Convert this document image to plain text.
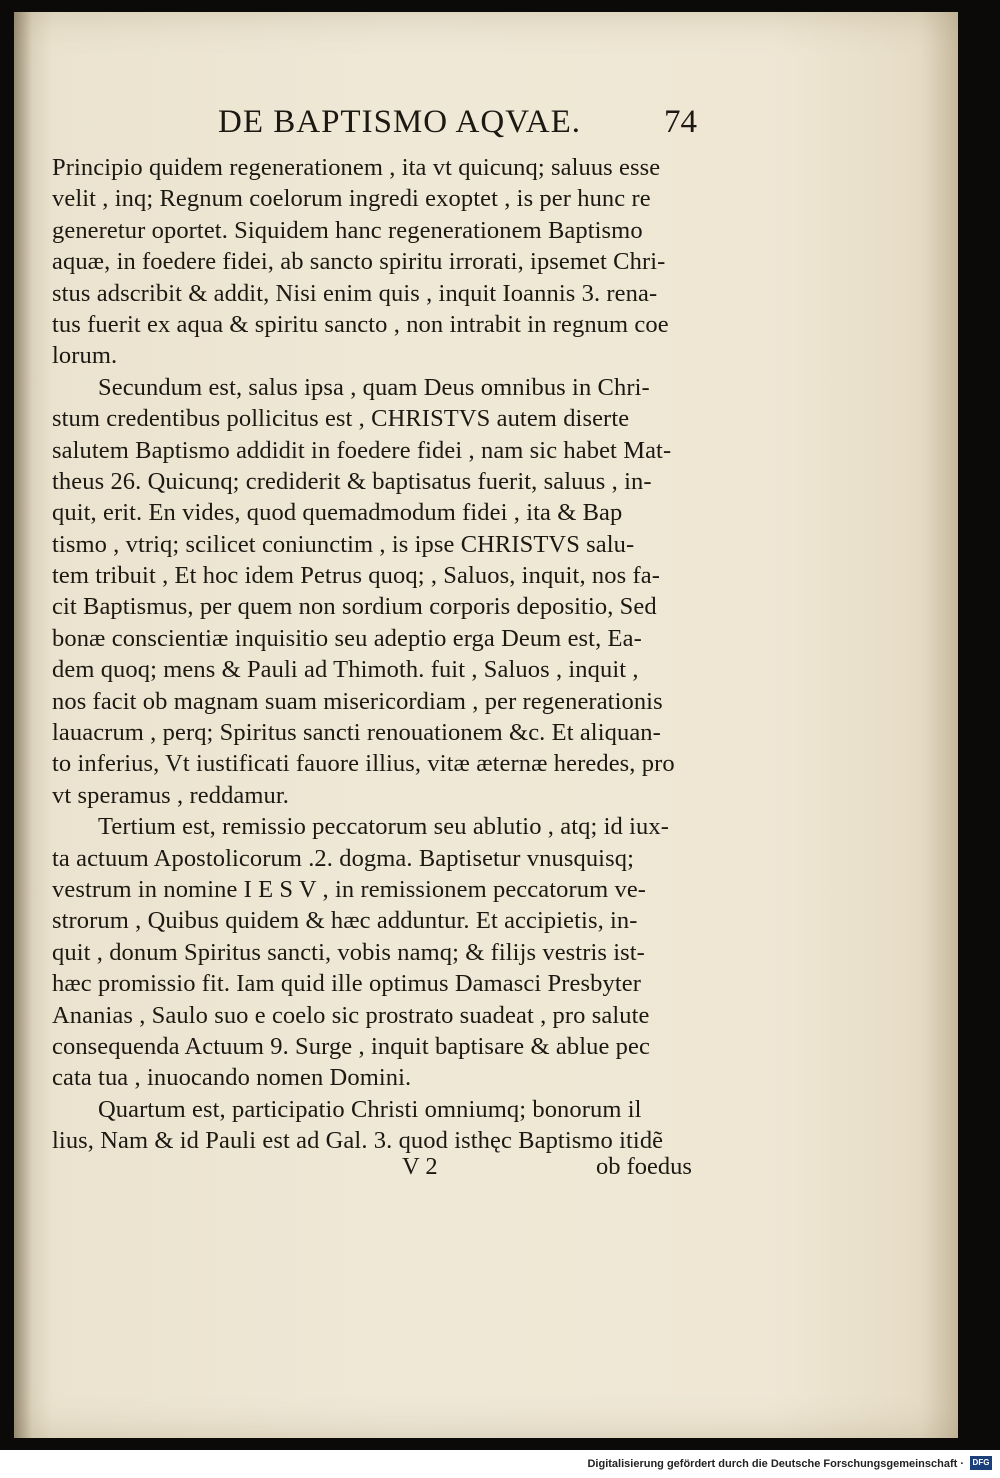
DE BAPTISMO AQVAE.	74
Principio quidem regenerationem , ita vt quicunq; saluus esse
velit , inq; Regnum coelorum ingredi exoptet , is per hunc re
generetur oportet. Siquidem hanc regenerationem Baptismo
aquæ, in foedere fidei, ab sancto spiritu irrorati, ipsemet Chri-
stus adscribit & addit, Nisi enim quis , inquit Ioannis 3. rena-
tus fuerit ex aqua & spiritu sancto , non intrabit in regnum coe
lorum.
Secundum est, salus ipsa , quam Deus omnibus in Chri-
stum credentibus pollicitus est , CHRISTVS autem diserte
salutem Baptismo addidit in foedere fidei , nam sic habet Mat-
theus 26. Quicunq; crediderit & baptisatus fuerit, saluus , in-
quit, erit. En vides, quod quemadmodum fidei , ita & Bap
tismo , vtriq; scilicet coniunctim , is ipse CHRISTVS salu-
tem tribuit , Et hoc idem Petrus quoq; , Saluos, inquit, nos fa-
cit Baptismus, per quem non sordium corporis depositio, Sed
bonæ conscientiæ inquisitio seu adeptio erga Deum est, Ea-
dem quoq; mens & Pauli ad Thimoth. fuit , Saluos , inquit ,
nos facit ob magnam suam misericordiam , per regenerationis
lauacrum , perq; Spiritus sancti renouationem &c. Et aliquan-
to inferius, Vt iustificati fauore illius, vitæ æternæ heredes, pro
vt speramus , reddamur.
Tertium est, remissio peccatorum seu ablutio , atq; id iux-
ta actuum Apostolicorum .2. dogma. Baptisetur vnusquisq;
vestrum in nomine I E S V , in remissionem peccatorum ve-
strorum , Quibus quidem & hæc adduntur. Et accipietis, in-
quit , donum Spiritus sancti, vobis namq; & filijs vestris ist-
hæc promissio fit. Iam quid ille optimus Damasci Presbyter
Ananias , Saulo suo e coelo sic prostrato suadeat , pro salute
consequenda Actuum 9. Surge , inquit baptisare & ablue pec
cata tua , inuocando nomen Domini.
Quartum est, participatio Christi omniumq; bonorum il
lius, Nam & id Pauli est ad Gal. 3. quod isthęc Baptismo itidẽ
V 2	ob foedus
Digitalisierung gefördert durch die Deutsche Forschungsgemeinschaft ·	DFG
